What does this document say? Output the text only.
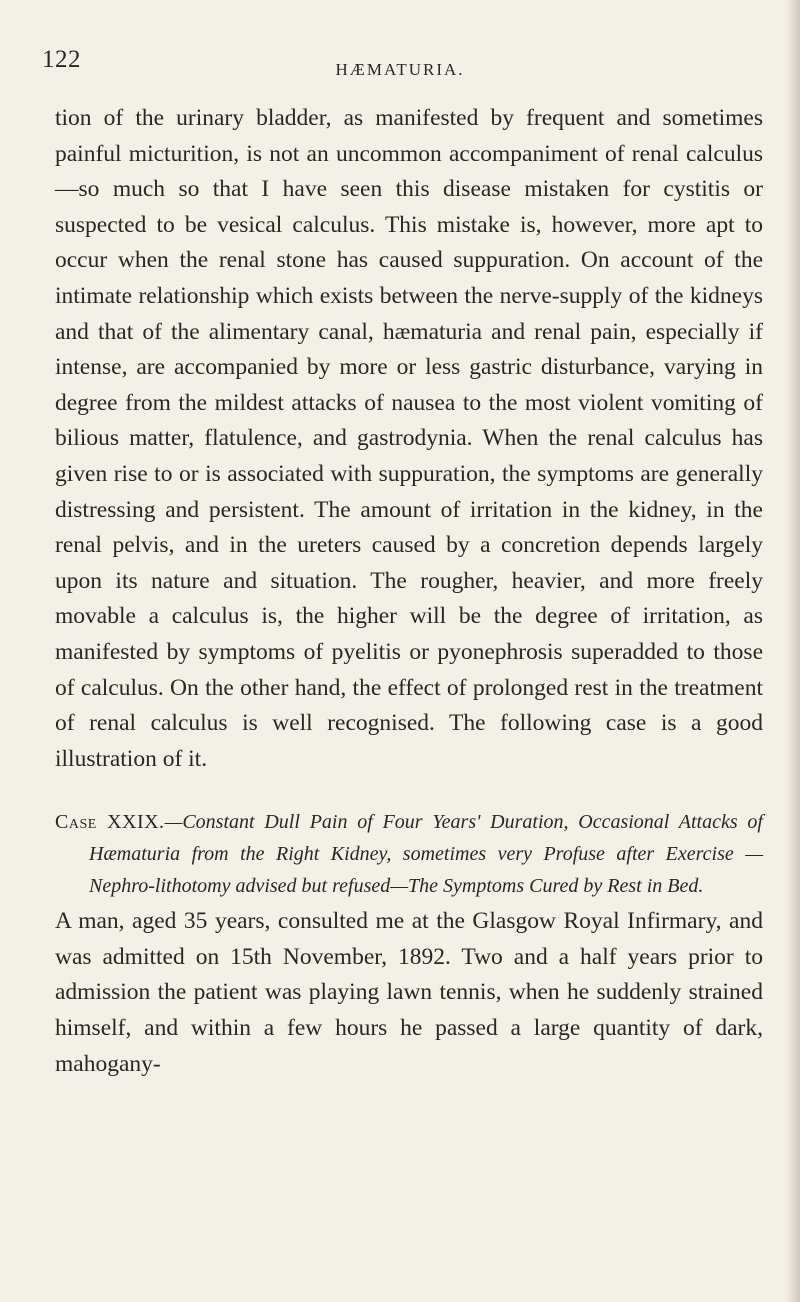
122	HÆMATURIA.

tion of the urinary bladder, as manifested by frequent and sometimes painful micturition, is not an uncommon accompaniment of renal calculus—so much so that I have seen this disease mistaken for cystitis or suspected to be vesical calculus. This mistake is, however, more apt to occur when the renal stone has caused suppuration. On account of the intimate relationship which exists between the nerve-supply of the kidneys and that of the alimentary canal, hæmaturia and renal pain, especially if intense, are accompanied by more or less gastric disturbance, varying in degree from the mildest attacks of nausea to the most violent vomiting of bilious matter, flatulence, and gastrodynia. When the renal calculus has given rise to or is associated with suppuration, the symptoms are generally distressing and persistent. The amount of irritation in the kidney, in the renal pelvis, and in the ureters caused by a concretion depends largely upon its nature and situation. The rougher, heavier, and more freely movable a calculus is, the higher will be the degree of irritation, as manifested by symptoms of pyelitis or pyonephrosis superadded to those of calculus. On the other hand, the effect of prolonged rest in the treatment of renal calculus is well recognised. The following case is a good illustration of it.

Case XXIX.—Constant Dull Pain of Four Years' Duration, Occasional Attacks of Hæmaturia from the Right Kidney, sometimes very Profuse after Exercise — Nephro-lithotomy advised but refused—The Symptoms Cured by Rest in Bed.

A man, aged 35 years, consulted me at the Glasgow Royal Infirmary, and was admitted on 15th November, 1892. Two and a half years prior to admission the patient was playing lawn tennis, when he suddenly strained himself, and within a few hours he passed a large quantity of dark, mahogany-
